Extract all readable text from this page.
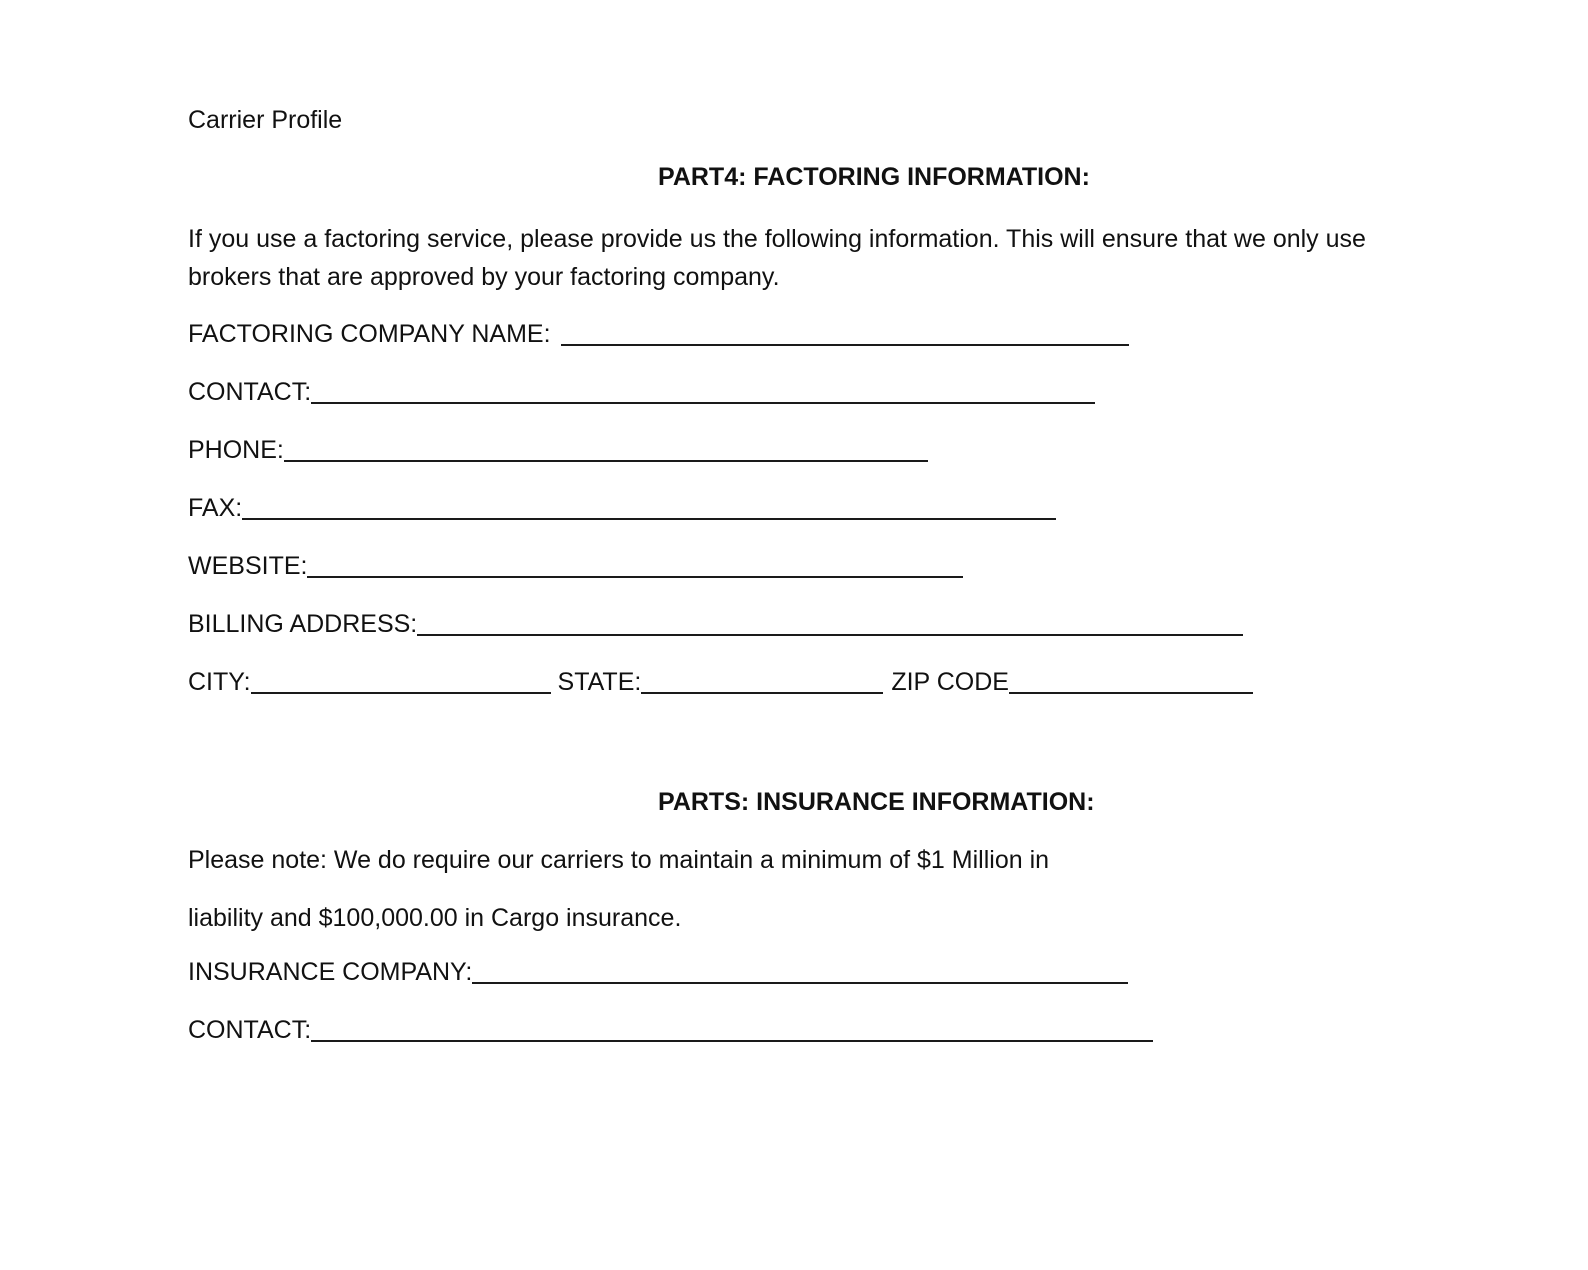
Carrier Profile
PART4: FACTORING INFORMATION:
If you use a factoring service, please provide us the following information. This will ensure that we only use brokers that are approved by your factoring company.
FACTORING COMPANY NAME:
CONTACT:
PHONE:
FAX:
WEBSITE:
BILLING ADDRESS:
CITY:	STATE:	ZIP CODE
PARTS: INSURANCE INFORMATION:
Please note: We do require our carriers to maintain a minimum of $1 Million in
liability and $100,000.00 in Cargo insurance.
INSURANCE COMPANY:
CONTACT:
